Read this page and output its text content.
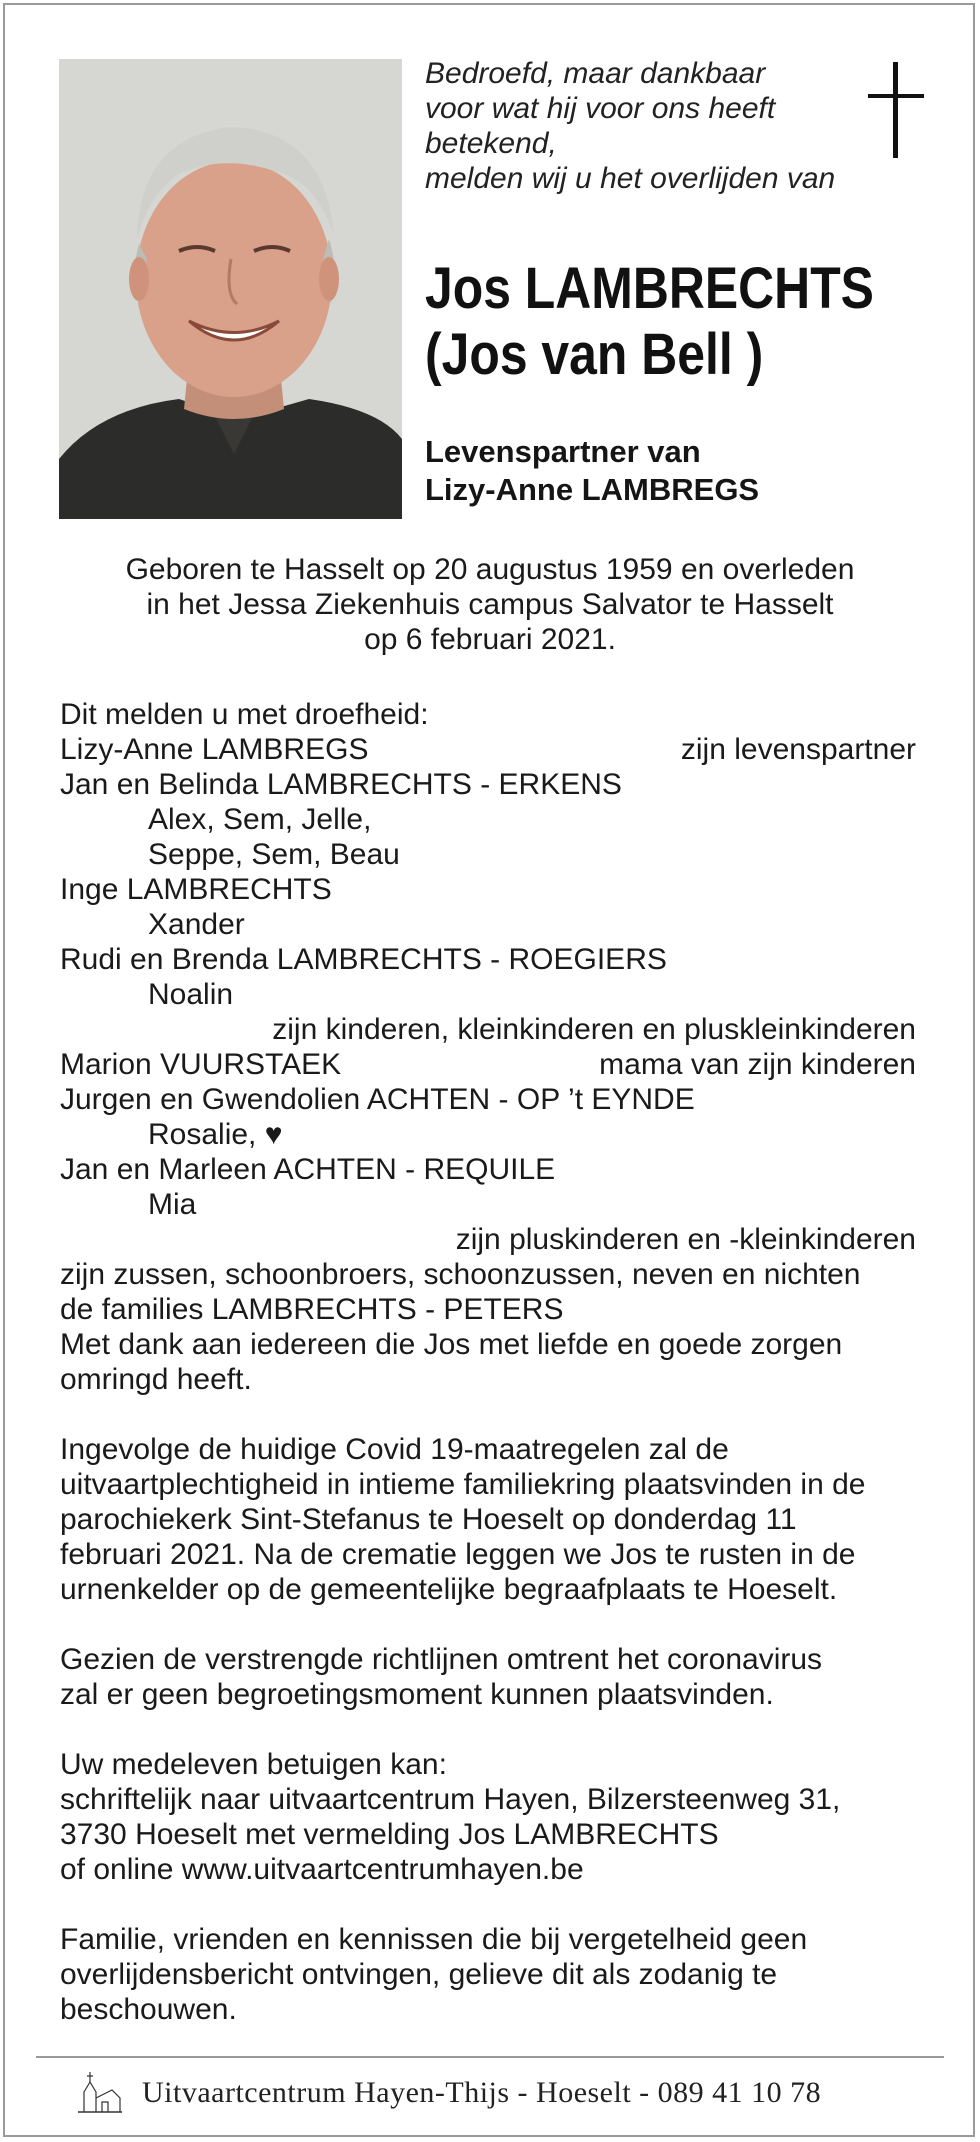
Bedroefd, maar dankbaar
voor wat hij voor ons heeft
betekend,
melden wij u het overlijden van
Jos LAMBRECHTS
(Jos van Bell )
Levenspartner van
Lizy-Anne LAMBREGS
Geboren te Hasselt op 20 augustus 1959 en overleden
in het Jessa Ziekenhuis campus Salvator te Hasselt
op 6 februari 2021.
Dit melden u met droefheid:
Lizy-Anne LAMBREGS	zijn levenspartner
Jan en Belinda LAMBRECHTS - ERKENS
Alex, Sem, Jelle,
Seppe, Sem, Beau
Inge LAMBRECHTS
Xander
Rudi en Brenda LAMBRECHTS - ROEGIERS
Noalin
zijn kinderen, kleinkinderen en pluskleinkinderen
Marion VUURSTAEK	mama van zijn kinderen
Jurgen en Gwendolien ACHTEN - OP ’t EYNDE
Rosalie, ♥
Jan en Marleen ACHTEN - REQUILE
Mia
zijn pluskinderen en -kleinkinderen
zijn zussen, schoonbroers, schoonzussen, neven en nichten
de families LAMBRECHTS - PETERS
Met dank aan iedereen die Jos met liefde en goede zorgen
omringd heeft.
Ingevolge de huidige Covid 19-maatregelen zal de
uitvaartplechtigheid in intieme familiekring plaatsvinden in de
parochiekerk Sint-Stefanus te Hoeselt op donderdag 11
februari 2021. Na de crematie leggen we Jos te rusten in de
urnenkelder op de gemeentelijke begraafplaats te Hoeselt.
Gezien de verstrengde richtlijnen omtrent het coronavirus
zal er geen begroetingsmoment kunnen plaatsvinden.
Uw medeleven betuigen kan:
schriftelijk naar uitvaartcentrum Hayen, Bilzersteenweg 31,
3730 Hoeselt met vermelding Jos LAMBRECHTS
of online www.uitvaartcentrumhayen.be
Familie, vrienden en kennissen die bij vergetelheid geen
overlijdensbericht ontvingen, gelieve dit als zodanig te
beschouwen.
Uitvaartcentrum Hayen-Thijs - Hoeselt - 089 41 10 78
